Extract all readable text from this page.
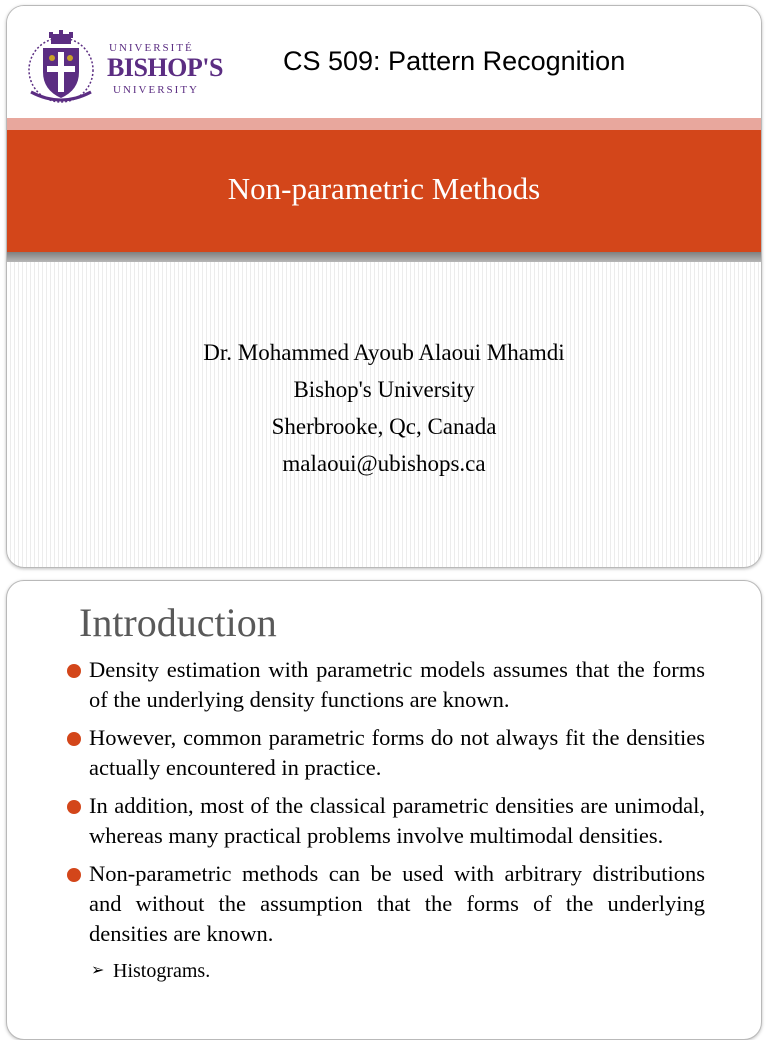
UNIVERSITÉ
BISHOP'S
UNIVERSITY
CS 509: Pattern Recognition
Non-parametric Methods
Dr. Mohammed Ayoub Alaoui Mhamdi
Bishop's University
Sherbrooke, Qc, Canada
malaoui@ubishops.ca
Introduction
Density estimation with parametric models assumes that the forms of the underlying density functions are known.
However, common parametric forms do not always fit the densities actually encountered in practice.
In addition, most of the classical parametric densities are unimodal, whereas many practical problems involve multimodal densities.
Non-parametric methods can be used with arbitrary distributions and without the assumption that the forms of the underlying densities are known.
➢ Histograms.
